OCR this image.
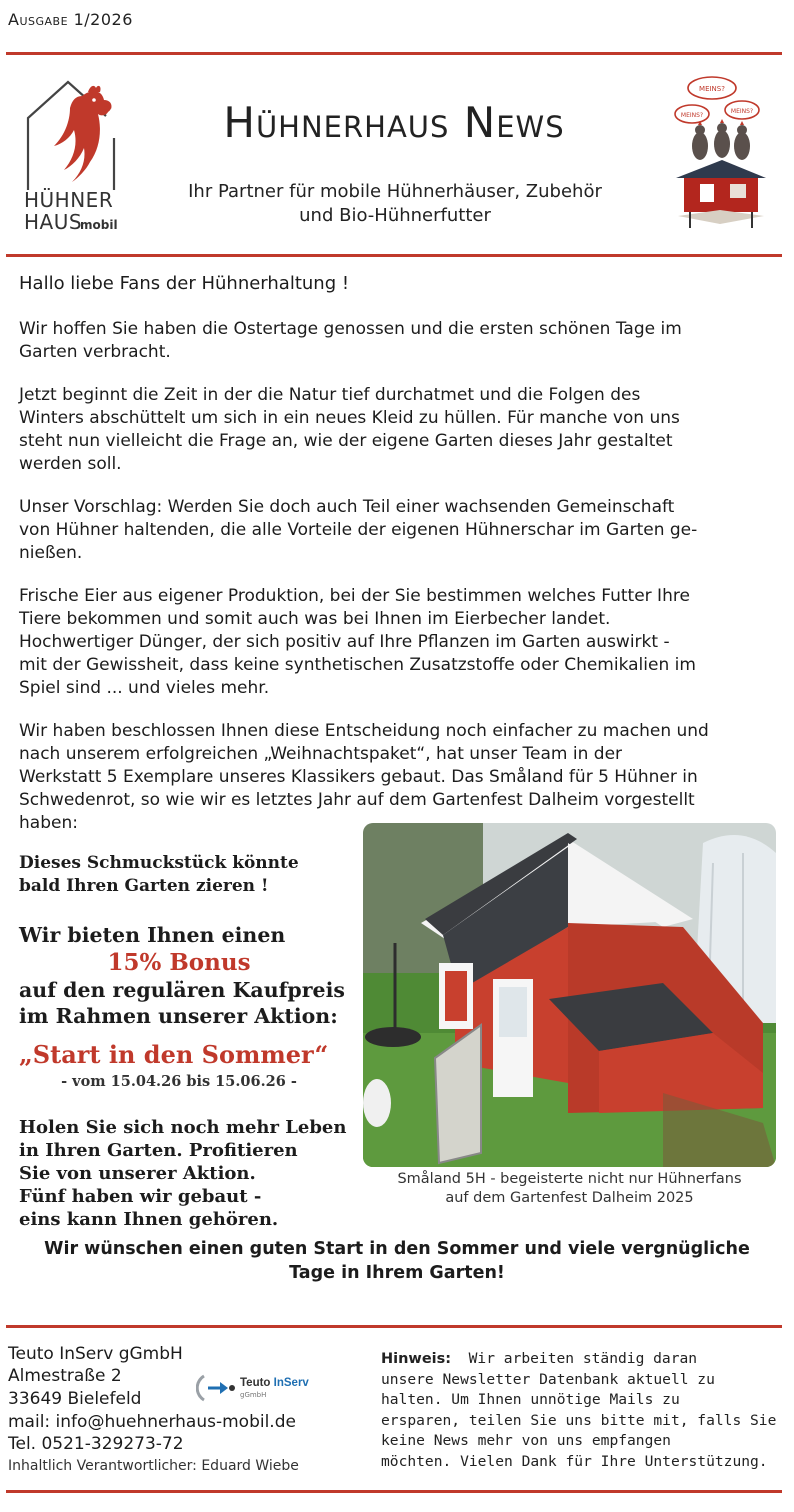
Ausgabe 1/2026
HÜHNER
HAUS
mobil
Hühnerhaus News
Ihr Partner für mobile Hühnerhäuser, Zubehör
und Bio-Hühnerfutter
MEINS?
MEINS?
MEINS?
Hallo liebe Fans der Hühnerhaltung !
Wir hoffen Sie haben die Ostertage genossen und die ersten schönen Tage im
Garten verbracht.
Jetzt beginnt die Zeit in der die Natur tief durchatmet und die Folgen des
Winters abschüttelt um sich in ein neues Kleid zu hüllen. Für manche von uns
steht nun vielleicht die Frage an, wie der eigene Garten dieses Jahr gestaltet
werden soll.
Unser Vorschlag: Werden Sie doch auch Teil einer wachsenden Gemeinschaft
von Hühner haltenden, die alle Vorteile der eigenen Hühnerschar im Garten ge-
nießen.
Frische Eier aus eigener Produktion, bei der Sie bestimmen welches Futter Ihre
Tiere bekommen und somit auch was bei Ihnen im Eierbecher landet.
Hochwertiger Dünger, der sich positiv auf Ihre Pflanzen im Garten auswirkt -
mit der Gewissheit, dass keine synthetischen Zusatzstoffe oder Chemikalien im
Spiel sind ... und vieles mehr.
Wir haben beschlossen Ihnen diese Entscheidung noch einfacher zu machen und
nach unserem erfolgreichen „Weihnachtspaket“, hat unser Team in der
Werkstatt 5 Exemplare unseres Klassikers gebaut. Das Småland für 5 Hühner in
Schwedenrot, so wie wir es letztes Jahr auf dem Gartenfest Dalheim vorgestellt
haben:
Dieses Schmuckstück könnte
bald Ihren Garten zieren !
Wir bieten Ihnen einen
15% Bonus
auf den regulären Kaufpreis
im Rahmen unserer Aktion:
„Start in den Sommer“
- vom 15.04.26 bis 15.06.26 -
Holen Sie sich noch mehr Leben
in Ihren Garten. Profitieren
Sie von unserer Aktion.
Fünf haben wir gebaut -
eins kann Ihnen gehören.
Småland 5H - begeisterte nicht nur Hühnerfans
auf dem Gartenfest Dalheim 2025
Wir wünschen einen guten Start in den Sommer und viele vergnügliche
Tage in Ihrem Garten!
Teuto InServ gGmbH
Almestraße 2
33649 Bielefeld
mail: info@huehnerhaus-mobil.de
Tel. 0521-329273-72
Inhaltlich Verantwortlicher: Eduard Wiebe
Teuto InServ
gGmbH
Hinweis: Wir arbeiten ständig daran
unsere Newsletter Datenbank aktuell zu
halten. Um Ihnen unnötige Mails zu
ersparen, teilen Sie uns bitte mit, falls Sie
keine News mehr von uns empfangen
möchten. Vielen Dank für Ihre Unterstützung.
